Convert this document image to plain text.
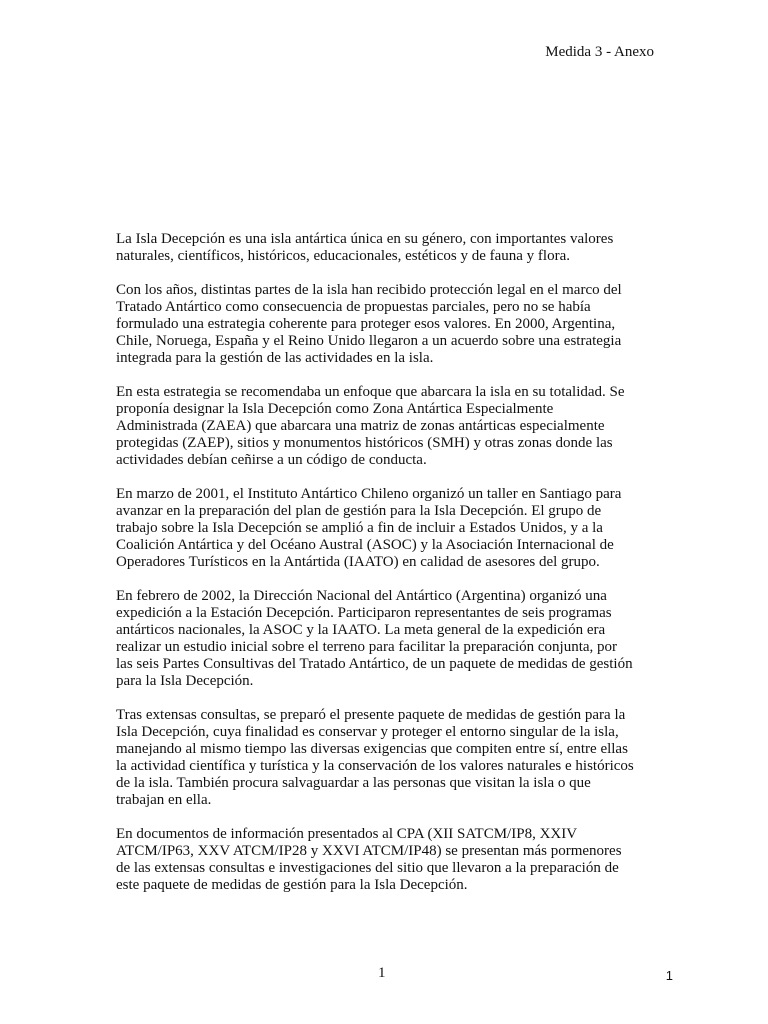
Medida 3 - Anexo

La Isla Decepción es una isla antártica única en su género, con importantes valores
naturales, científicos, históricos, educacionales, estéticos y de fauna y flora.

Con los años, distintas partes de la isla han recibido protección legal en el marco del
Tratado Antártico como consecuencia de propuestas parciales, pero no se había
formulado una estrategia coherente para proteger esos valores. En 2000, Argentina,
Chile, Noruega, España y el Reino Unido llegaron a un acuerdo sobre una estrategia
integrada para la gestión de las actividades en la isla.

En esta estrategia se recomendaba un enfoque que abarcara la isla en su totalidad. Se
proponía designar la Isla Decepción como Zona Antártica Especialmente
Administrada (ZAEA) que abarcara una matriz de zonas antárticas especialmente
protegidas (ZAEP), sitios y monumentos históricos (SMH) y otras zonas donde las
actividades debían ceñirse a un código de conducta.

En marzo de 2001, el Instituto Antártico Chileno organizó un taller en Santiago para
avanzar en la preparación del plan de gestión para la Isla Decepción. El grupo de
trabajo sobre la Isla Decepción se amplió a fin de incluir a Estados Unidos, y a la
Coalición Antártica y del Océano Austral (ASOC) y la Asociación Internacional de
Operadores Turísticos en la Antártida (IAATO) en calidad de asesores del grupo.

En febrero de 2002, la Dirección Nacional del Antártico (Argentina) organizó una
expedición a la Estación Decepción. Participaron representantes de seis programas
antárticos nacionales, la ASOC y la IAATO. La meta general de la expedición era
realizar un estudio inicial sobre el terreno para facilitar la preparación conjunta, por
las seis Partes Consultivas del Tratado Antártico, de un paquete de medidas de gestión
para la Isla Decepción.

Tras extensas consultas, se preparó el presente paquete de medidas de gestión para la
Isla Decepción, cuya finalidad es conservar y proteger el entorno singular de la isla,
manejando al mismo tiempo las diversas exigencias que compiten entre sí, entre ellas
la actividad científica y turística y la conservación de los valores naturales e históricos
de la isla. También procura salvaguardar a las personas que visitan la isla o que
trabajan en ella.

En documentos de información presentados al CPA (XII SATCM/IP8, XXIV
ATCM/IP63, XXV ATCM/IP28 y XXVI ATCM/IP48) se presentan más pormenores
de las extensas consultas e investigaciones del sitio que llevaron a la preparación de
este paquete de medidas de gestión para la Isla Decepción.

1	1
